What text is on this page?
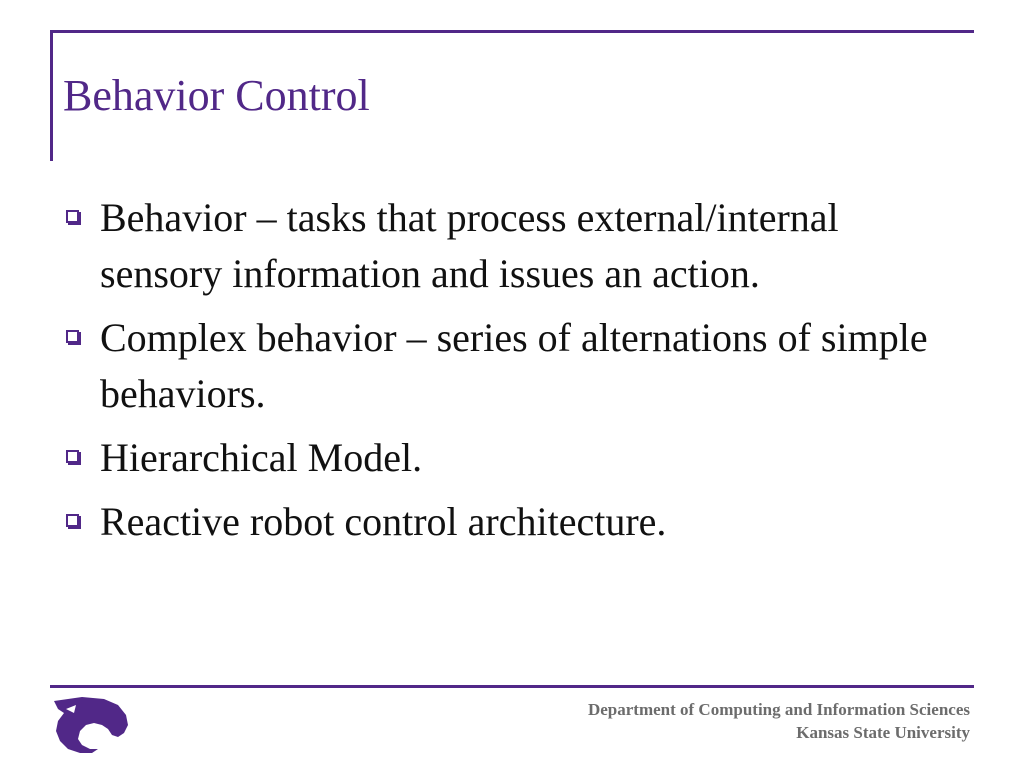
Behavior Control
Behavior – tasks that process external/internal sensory information and issues an action.
Complex behavior – series of alternations of simple behaviors.
Hierarchical Model.
Reactive robot control architecture.
Department of Computing and Information Sciences
Kansas State University
